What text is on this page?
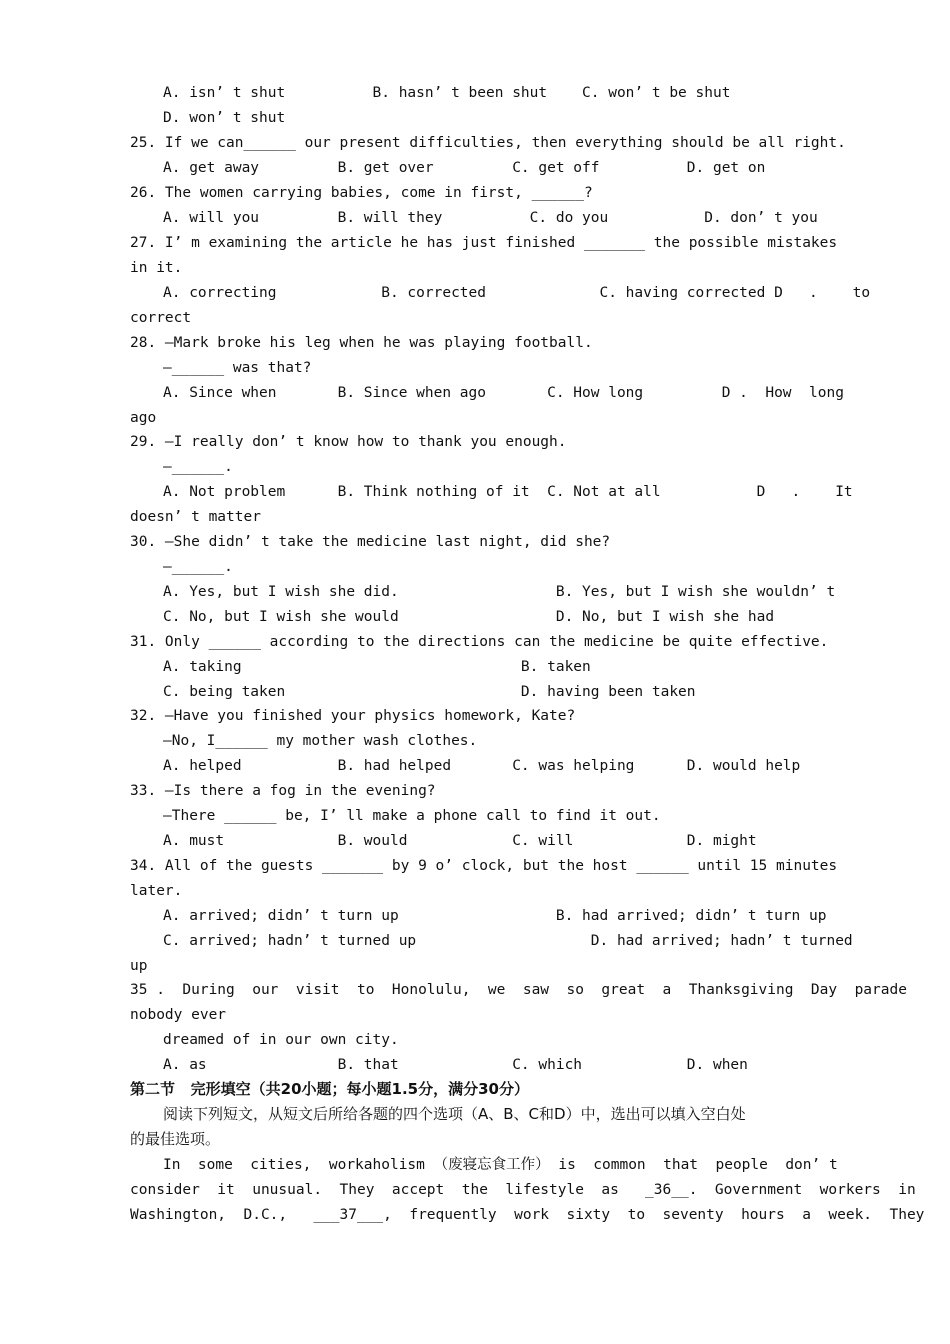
A. isn’ t shut          B. hasn’ t been shut    C. won’ t be shut
D. won’ t shut
25. If we can______ our present difficulties, then everything should be all right.
A. get away         B. get over         C. get off          D. get on
26. The women carrying babies, come in first, ______?
A. will you         B. will they          C. do you           D. don’ t you
27. I’ m examining the article he has just finished _______ the possible mistakes
in it.
A. correcting            B. corrected             C. having corrected D   .    to
correct
28. —Mark broke his leg when he was playing football.
—______ was that?
A. Since when       B. Since when ago       C. How long         D .  How  long
ago
29. —I really don’ t know how to thank you enough.
—______.
A. Not problem      B. Think nothing of it  C. Not at all           D   .    It
doesn’ t matter
30. —She didn’ t take the medicine last night, did she?
—______.
A. Yes, but I wish she did.                  B. Yes, but I wish she wouldn’ t
C. No, but I wish she would                  D. No, but I wish she had
31. Only ______ according to the directions can the medicine be quite effective.
A. taking                                B. taken
C. being taken                           D. having been taken
32. —Have you finished your physics homework, Kate?
—No, I______ my mother wash clothes.
A. helped           B. had helped       C. was helping      D. would help
33. —Is there a fog in the evening?
—There ______ be, I’ ll make a phone call to find it out.
A. must             B. would            C. will             D. might
34. All of the guests _______ by 9 o’ clock, but the host ______ until 15 minutes
later.
A. arrived; didn’ t turn up                  B. had arrived; didn’ t turn up
C. arrived; hadn’ t turned up                    D. had arrived; hadn’ t turned
up
35 .  During  our  visit  to  Honolulu,  we  saw  so  great  a  Thanksgiving  Day  parade
nobody ever
dreamed of in our own city.
A. as               B. that             C. which            D. when
第二节   完形填空（共20小题；每小题1.5分，满分30分）
阅读下列短文，从短文后所给各题的四个选项（A、B、C和D）中，选出可以填入空白处
的最佳选项。
In  some  cities,  workaholism （废寝忘食工作） is  common  that  people  don’ t
consider  it  unusual.  They  accept  the  lifestyle  as   _36__.  Government  workers  in
Washington,  D.C.,   ___37___,  frequently  work  sixty  to  seventy  hours  a  week.  They
